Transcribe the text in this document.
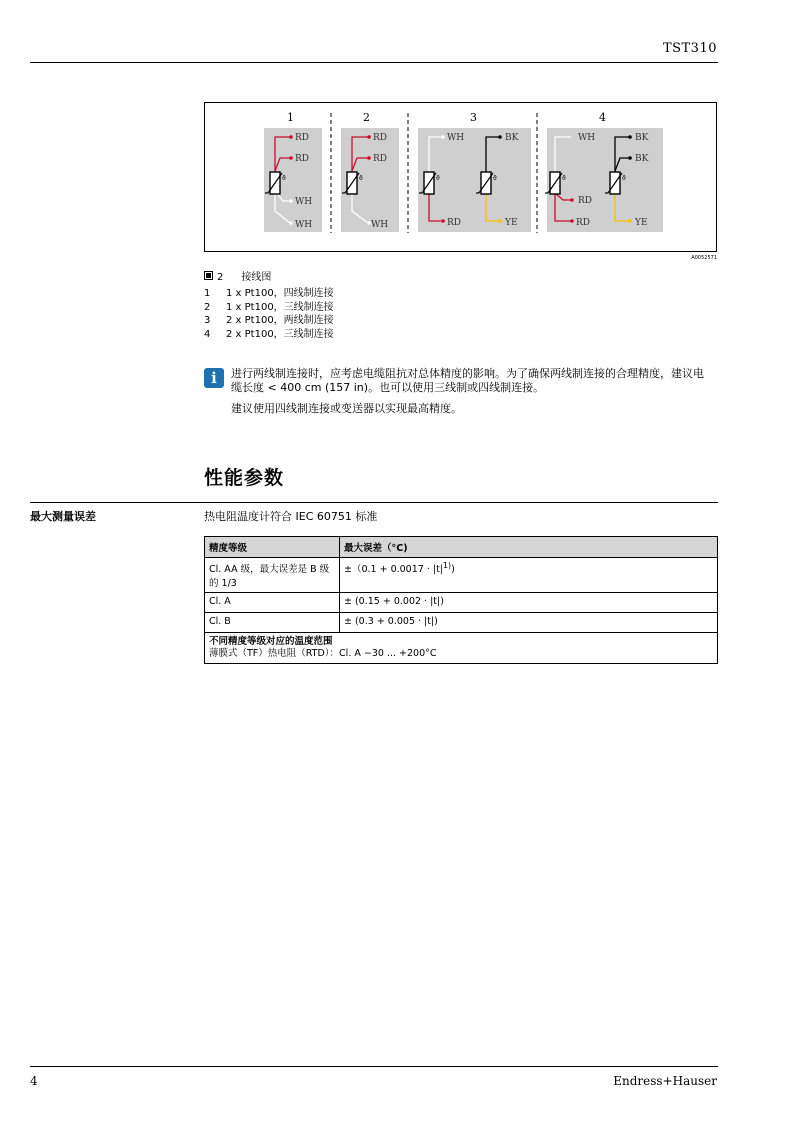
TST310
ϑ
1	2	3	4
RD
RD
WH
WH
RD
RD
WH
WH
RD
BK
YE
WH
RD
RD
BK
BK
YE
A0052571
2 接线图
1 1 x Pt100，四线制连接
2 1 x Pt100，三线制连接
3 2 x Pt100，两线制连接
4 2 x Pt100，三线制连接
i	进行两线制连接时，应考虑电缆阻抗对总体精度的影响。为了确保两线制连接的合理精度，建议电缆长度 < 400 cm (157 in)。也可以使用三线制或四线制连接。

建议使用四线制连接或变送器以实现最高精度。

性能参数
最大测量误差	热电阻温度计符合 IEC 60751 标准
精度等级	最大误差（°C)
Cl. AA 级，最大误差是 B 级的 1/3	$\pm(0.1 + 0.0017 \cdot |t|^{1)})$
Cl. A	± (0.15 + 0.002 · |t|)
Cl. B	± (0.3 + 0.005 · |t|)

不同精度等级对应的温度范围
薄膜式（TF）热电阻（RTD）：Cl. A −30 ... +200°C	
4	Endress+Hauser
